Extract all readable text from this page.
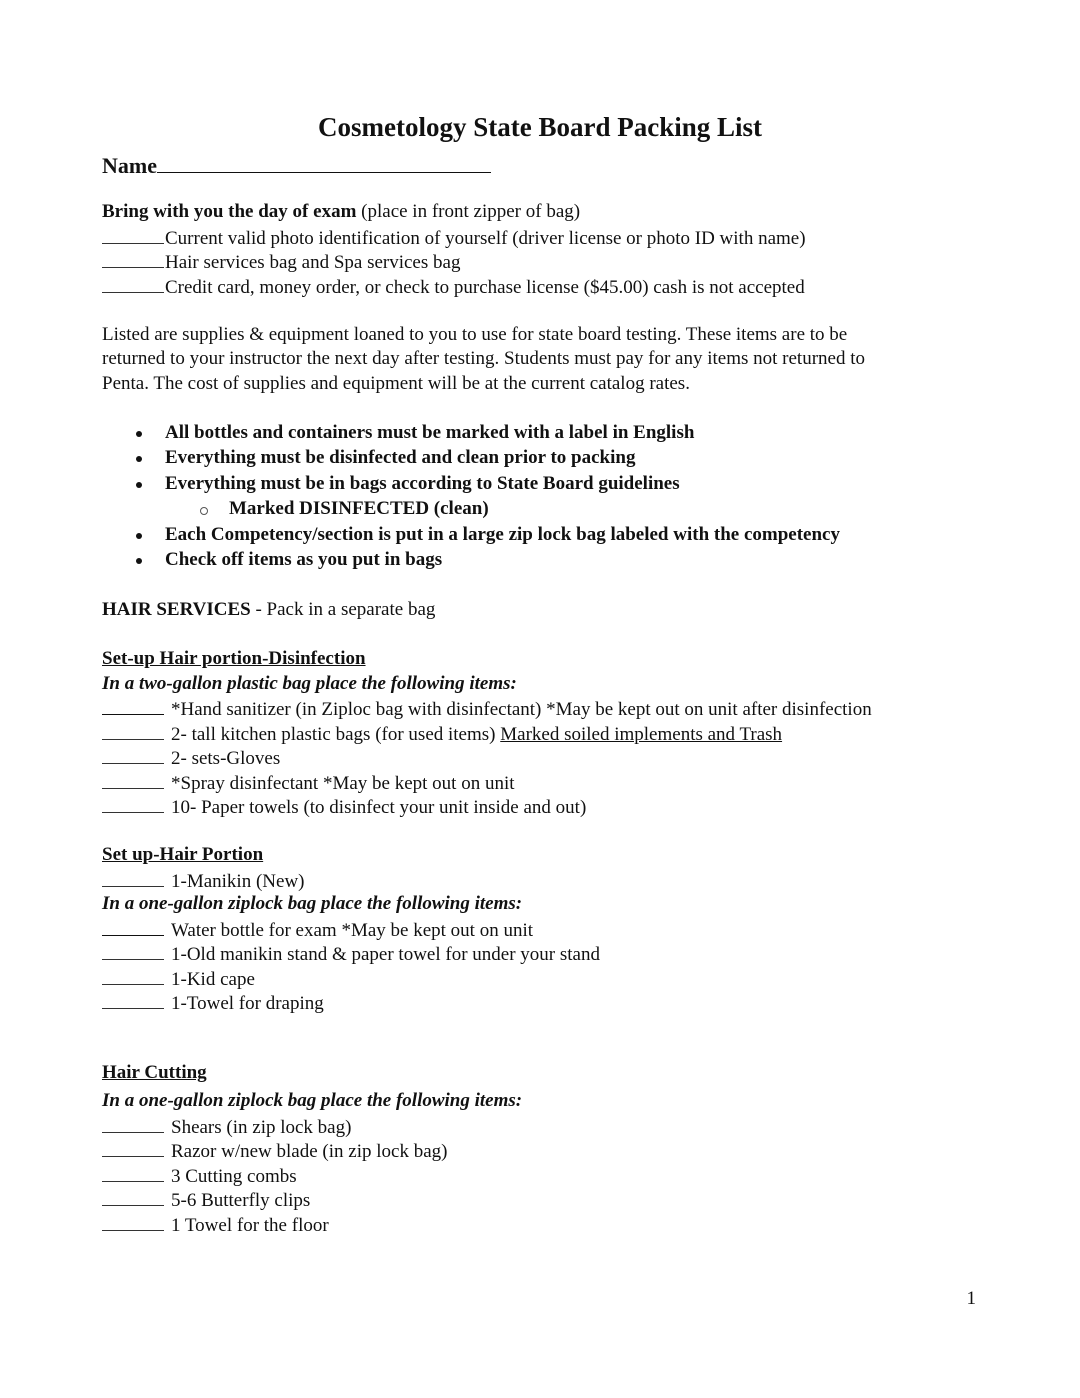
Cosmetology State Board Packing List
Name
Bring with you the day of exam (place in front zipper of bag)
Current valid photo identification of yourself (driver license or photo ID with name)
Hair services bag and Spa services bag
Credit card, money order, or check to purchase license ($45.00) cash is not accepted
Listed are supplies & equipment loaned to you to use for state board testing. These items are to be
returned to your instructor the next day after testing. Students must pay for any items not returned to
Penta. The cost of supplies and equipment will be at the current catalog rates.
All bottles and containers must be marked with a label in English
Everything must be disinfected and clean prior to packing
Everything must be in bags according to State Board guidelines
Marked DISINFECTED (clean)
Each Competency/section is put in a large zip lock bag labeled with the competency
Check off items as you put in bags
HAIR SERVICES - Pack in a separate bag
Set-up Hair portion-Disinfection
In a two-gallon plastic bag place the following items:
*Hand sanitizer (in Ziploc bag with disinfectant) *May be kept out on unit after disinfection
2- tall kitchen plastic bags (for used items) Marked soiled implements and Trash
2- sets-Gloves
*Spray disinfectant *May be kept out on unit
10- Paper towels (to disinfect your unit inside and out)
Set up-Hair Portion
1-Manikin (New)
In a one-gallon ziplock bag place the following items:
Water bottle for exam *May be kept out on unit
1-Old manikin stand & paper towel for under your stand
1-Kid cape
1-Towel for draping
Hair Cutting
In a one-gallon ziplock bag place the following items:
Shears (in zip lock bag)
Razor w/new blade (in zip lock bag)
3 Cutting combs
5-6 Butterfly clips
1 Towel for the floor
1
